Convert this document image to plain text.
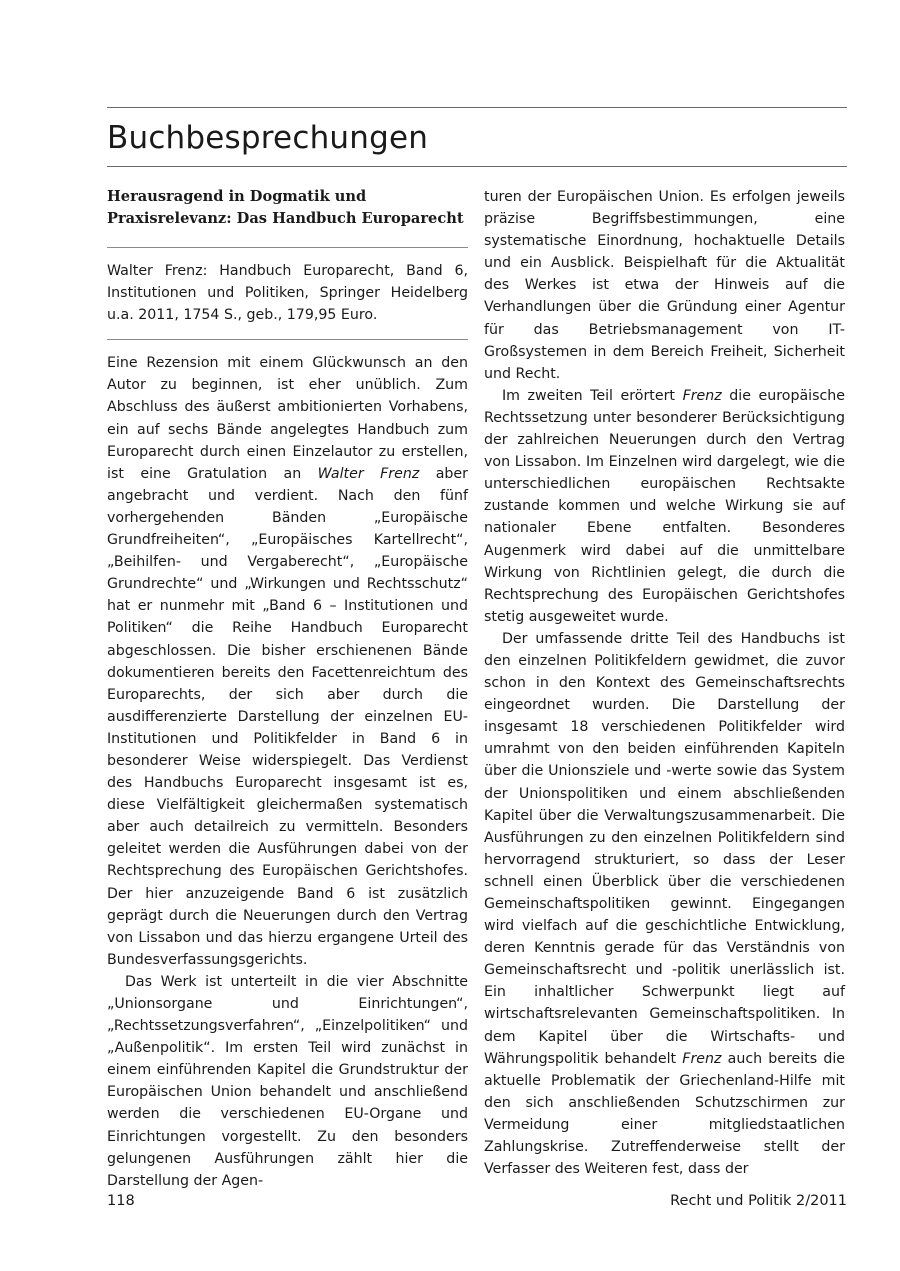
Buchbesprechungen
Herausragend in Dogmatik und Praxisrelevanz: Das Handbuch Europarecht

Walter Frenz: Handbuch Europarecht, Band 6, Institutionen und Politiken, Springer Heidelberg u.a. 2011, 1754 S., geb., 179,95 Euro.

Eine Rezension mit einem Glückwunsch an den Autor zu beginnen, ist eher unüblich. Zum Abschluss des äußerst ambitionierten Vorhabens, ein auf sechs Bände angelegtes Handbuch zum Europarecht durch einen Einzelautor zu erstellen, ist eine Gratulation an Walter Frenz aber angebracht und verdient. Nach den fünf vorhergehenden Bänden „Europäische Grundfreiheiten“, „Europäisches Kartellrecht“, „Beihilfen- und Vergaberecht“, „Europäische Grundrechte“ und „Wirkungen und Rechtsschutz“ hat er nunmehr mit „Band 6 – Institutionen und Politiken“ die Reihe Handbuch Europarecht abgeschlossen. Die bisher erschienenen Bände dokumentieren bereits den Facettenreichtum des Europarechts, der sich aber durch die ausdifferenzierte Darstellung der einzelnen EU-Institutionen und Politikfelder in Band 6 in besonderer Weise widerspiegelt. Das Verdienst des Handbuchs Europarecht insgesamt ist es, diese Vielfältigkeit gleichermaßen systematisch aber auch detailreich zu vermitteln. Besonders geleitet werden die Ausführungen dabei von der Rechtsprechung des Europäischen Gerichtshofes. Der hier anzuzeigende Band 6 ist zusätzlich geprägt durch die Neuerungen durch den Vertrag von Lissabon und das hierzu ergangene Urteil des Bundesverfassungsgerichts.

Das Werk ist unterteilt in die vier Abschnitte „Unionsorgane und Einrichtungen“, „Rechtssetzungsverfahren“, „Einzelpolitiken“ und „Außenpolitik“. Im ersten Teil wird zunächst in einem einführenden Kapitel die Grundstruktur der Europäischen Union behandelt und anschließend werden die verschiedenen EU-Organe und Einrichtungen vorgestellt. Zu den besonders gelungenen Ausführungen zählt hier die Darstellung der Agen-

turen der Europäischen Union. Es erfolgen jeweils präzise Begriffsbestimmungen, eine systematische Einordnung, hochaktuelle Details und ein Ausblick. Beispielhaft für die Aktualität des Werkes ist etwa der Hinweis auf die Verhandlungen über die Gründung einer Agentur für das Betriebsmanagement von IT-Großsystemen in dem Bereich Freiheit, Sicherheit und Recht.

Im zweiten Teil erörtert Frenz die europäische Rechtssetzung unter besonderer Berücksichtigung der zahlreichen Neuerungen durch den Vertrag von Lissabon. Im Einzelnen wird dargelegt, wie die unterschiedlichen europäischen Rechtsakte zustande kommen und welche Wirkung sie auf nationaler Ebene entfalten. Besonderes Augenmerk wird dabei auf die unmittelbare Wirkung von Richtlinien gelegt, die durch die Rechtsprechung des Europäischen Gerichtshofes stetig ausgeweitet wurde.

Der umfassende dritte Teil des Handbuchs ist den einzelnen Politikfeldern gewidmet, die zuvor schon in den Kontext des Gemeinschaftsrechts eingeordnet wurden. Die Darstellung der insgesamt 18 verschiedenen Politikfelder wird umrahmt von den beiden einführenden Kapiteln über die Unionsziele und -werte sowie das System der Unionspolitiken und einem abschließenden Kapitel über die Verwaltungszusammenarbeit. Die Ausführungen zu den einzelnen Politikfeldern sind hervorragend strukturiert, so dass der Leser schnell einen Überblick über die verschiedenen Gemeinschaftspolitiken gewinnt. Eingegangen wird vielfach auf die geschichtliche Entwicklung, deren Kenntnis gerade für das Verständnis von Gemeinschaftsrecht und -politik unerlässlich ist. Ein inhaltlicher Schwerpunkt liegt auf wirtschaftsrelevanten Gemeinschaftspolitiken. In dem Kapitel über die Wirtschafts- und Währungspolitik behandelt Frenz auch bereits die aktuelle Problematik der Griechenland-Hilfe mit den sich anschließenden Schutzschirmen zur Vermeidung einer mitgliedstaatlichen Zahlungskrise. Zutreffenderweise stellt der Verfasser des Weiteren fest, dass der

118	Recht und Politik 2/2011
